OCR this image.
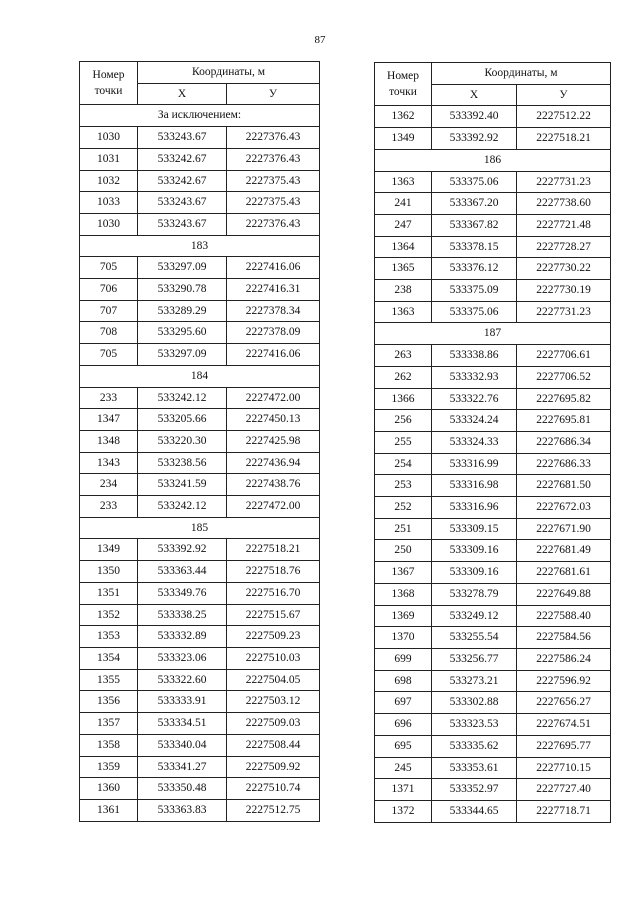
87
Номер
точки	Координаты, м	
	X	У
За исключением:		
1030	533243.67	2227376.43
1031	533242.67	2227376.43
1032	533242.67	2227375.43
1033	533243.67	2227375.43
1030	533243.67	2227376.43
183		
705	533297.09	2227416.06
706	533290.78	2227416.31
707	533289.29	2227378.34
708	533295.60	2227378.09
705	533297.09	2227416.06
184		
233	533242.12	2227472.00
1347	533205.66	2227450.13
1348	533220.30	2227425.98
1343	533238.56	2227436.94
234	533241.59	2227438.76
233	533242.12	2227472.00
185		
1349	533392.92	2227518.21
1350	533363.44	2227518.76
1351	533349.76	2227516.70
1352	533338.25	2227515.67
1353	533332.89	2227509.23
1354	533323.06	2227510.03
1355	533322.60	2227504.05
1356	533333.91	2227503.12
1357	533334.51	2227509.03
1358	533340.04	2227508.44
1359	533341.27	2227509.92
1360	533350.48	2227510.74
1361	533363.83	2227512.75
Номер
точки	Координаты, м	
	X	У
1362	533392.40	2227512.22
1349	533392.92	2227518.21
186		
1363	533375.06	2227731.23
241	533367.20	2227738.60
247	533367.82	2227721.48
1364	533378.15	2227728.27
1365	533376.12	2227730.22
238	533375.09	2227730.19
1363	533375.06	2227731.23
187		
263	533338.86	2227706.61
262	533332.93	2227706.52
1366	533322.76	2227695.82
256	533324.24	2227695.81
255	533324.33	2227686.34
254	533316.99	2227686.33
253	533316.98	2227681.50
252	533316.96	2227672.03
251	533309.15	2227671.90
250	533309.16	2227681.49
1367	533309.16	2227681.61
1368	533278.79	2227649.88
1369	533249.12	2227588.40
1370	533255.54	2227584.56
699	533256.77	2227586.24
698	533273.21	2227596.92
697	533302.88	2227656.27
696	533323.53	2227674.51
695	533335.62	2227695.77
245	533353.61	2227710.15
1371	533352.97	2227727.40
1372	533344.65	2227718.71
